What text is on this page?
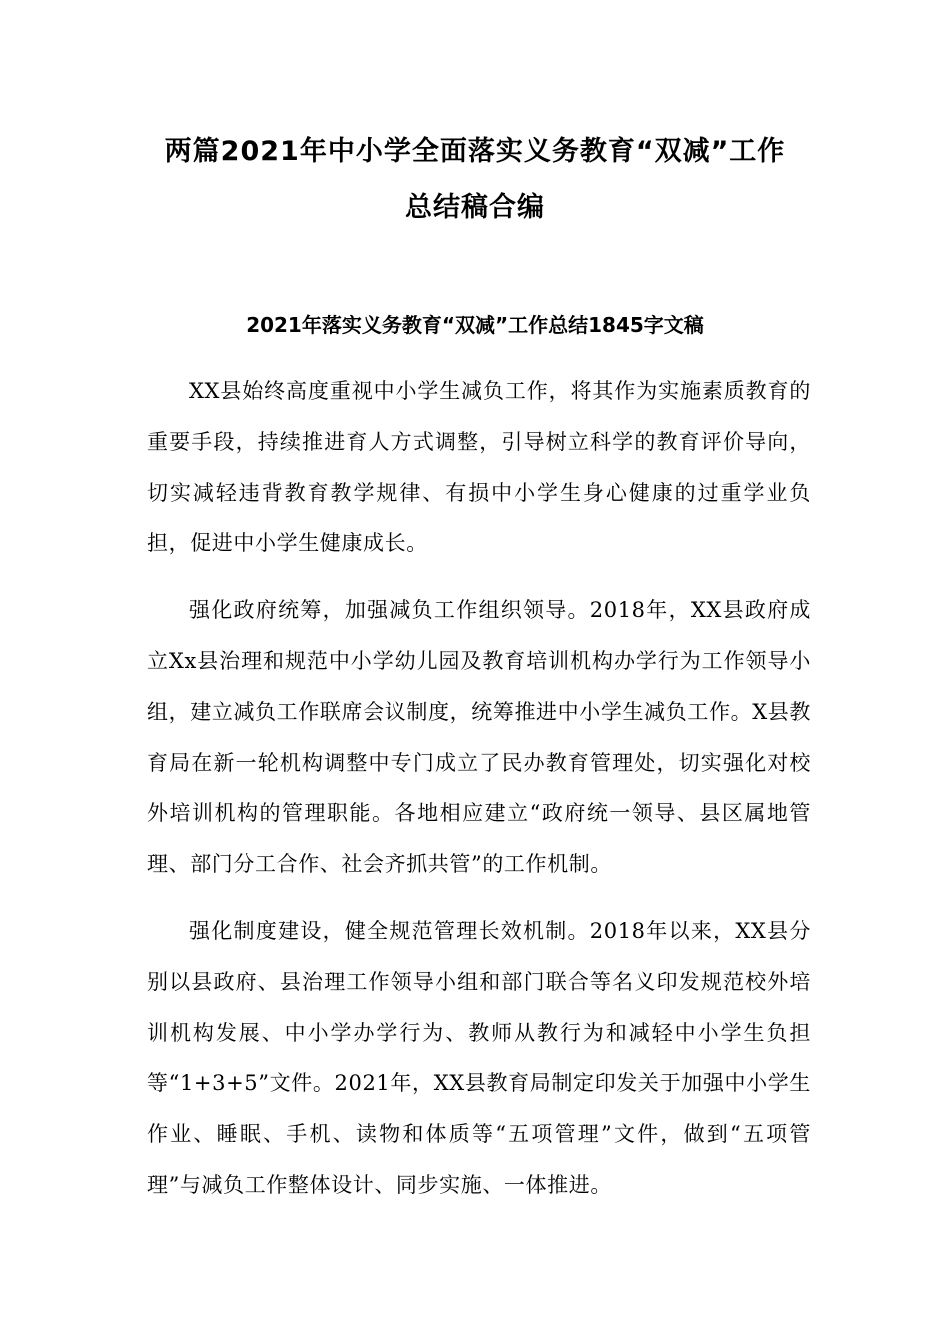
两篇2021年中小学全面落实义务教育“双减”工作
总结稿合编
2021年落实义务教育“双减”工作总结1845字文稿

XX县始终高度重视中小学生减负工作，将其作为实施素质教育的重要手段，持续推进育人方式调整，引导树立科学的教育评价导向，切实减轻违背教育教学规律、有损中小学生身心健康的过重学业负担，促进中小学生健康成长。

强化政府统筹，加强减负工作组织领导。2018年，XX县政府成立Xx县治理和规范中小学幼儿园及教育培训机构办学行为工作领导小组，建立减负工作联席会议制度，统筹推进中小学生减负工作。X县教育局在新一轮机构调整中专门成立了民办教育管理处，切实强化对校外培训机构的管理职能。各地相应建立“政府统一领导、县区属地管理、部门分工合作、社会齐抓共管”的工作机制。

强化制度建设，健全规范管理长效机制。2018年以来，XX县分别以县政府、县治理工作领导小组和部门联合等名义印发规范校外培训机构发展、中小学办学行为、教师从教行为和减轻中小学生负担等“1+3+5”文件。2021年，XX县教育局制定印发关于加强中小学生作业、睡眠、手机、读物和体质等“五项管理”文件，做到“五项管理”与减负工作整体设计、同步实施、一体推进。
